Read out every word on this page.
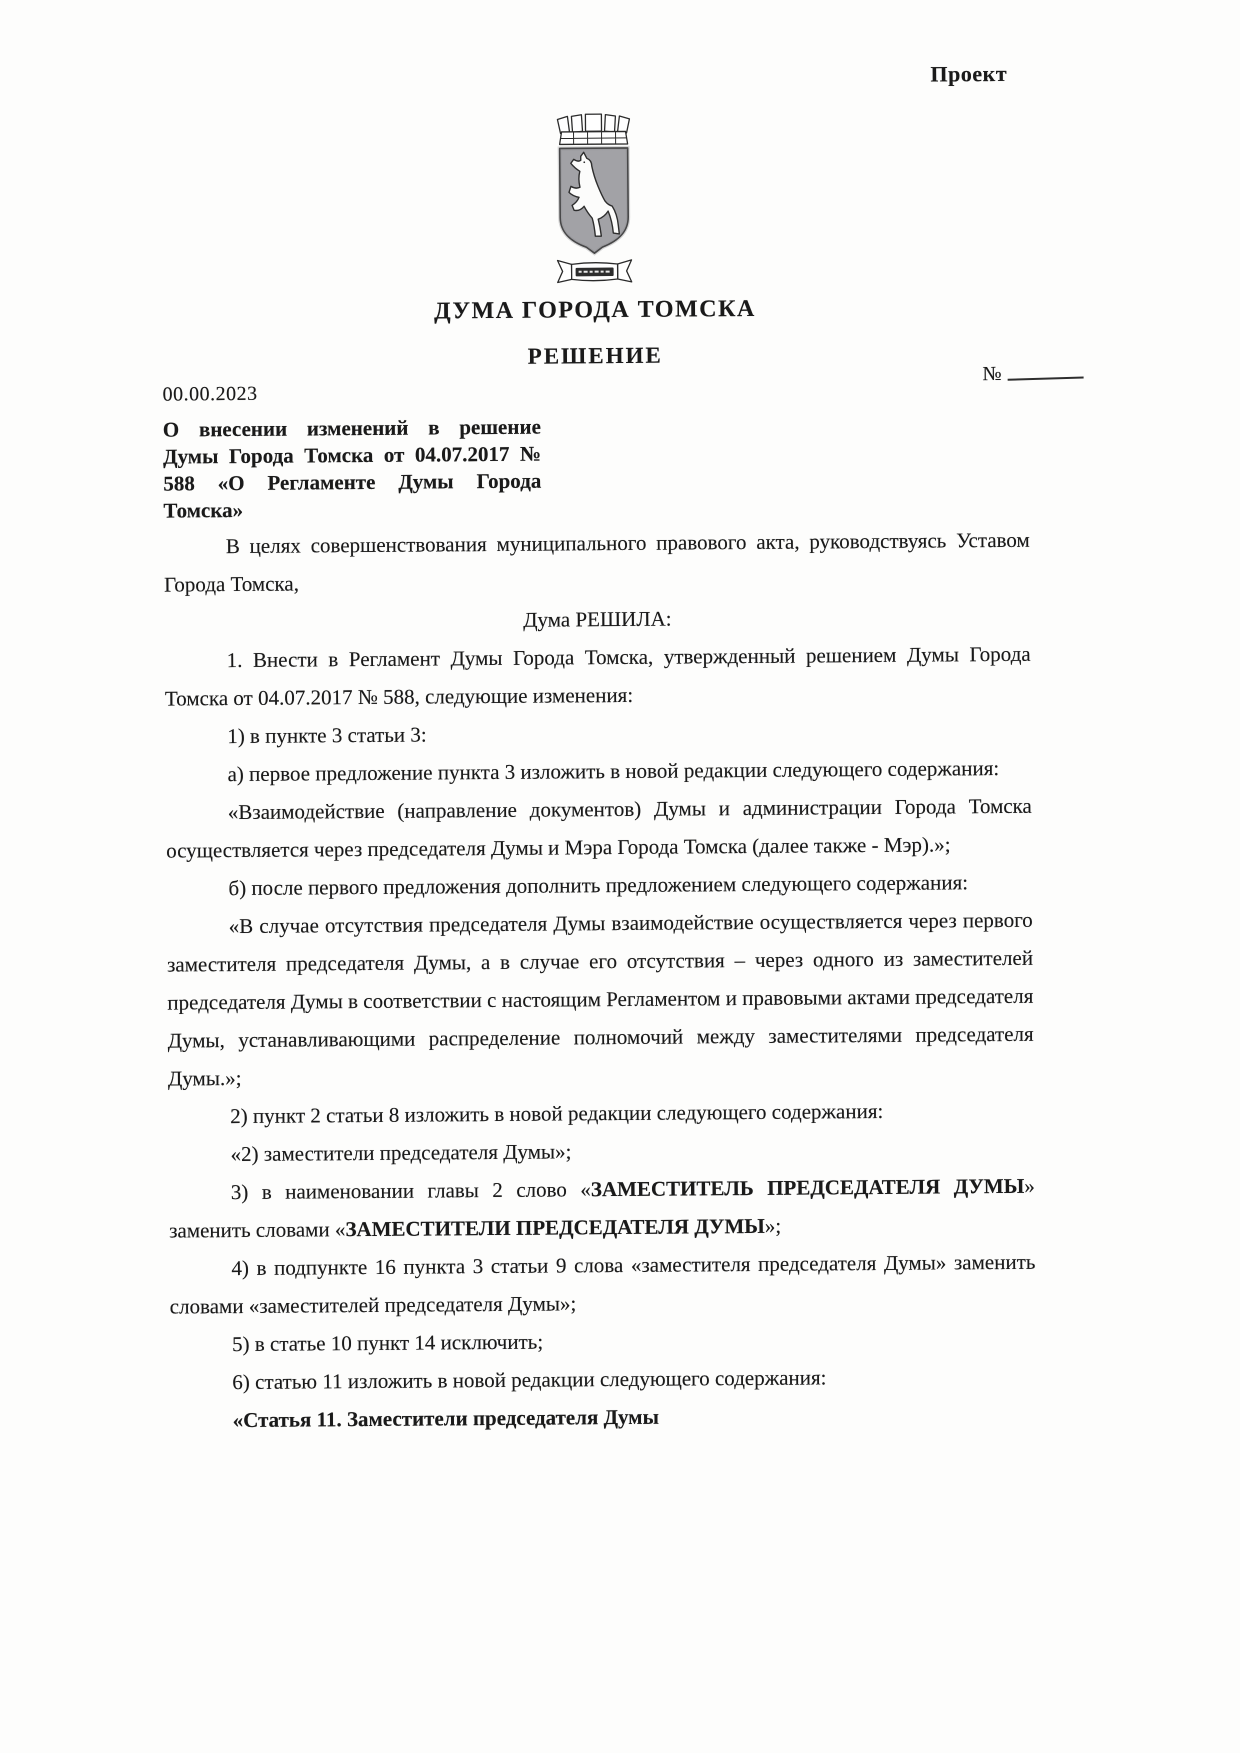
Проект
ДУМА ГОРОДА ТОМСКА
РЕШЕНИЕ
№
00.00.2023
О внесении изменений в решение Думы Города Томска от 04.07.2017 № 588 «О Регламенте Думы Города Томска»

В целях совершенствования муниципального правового акта, руководствуясь Уставом Города Томска,

Дума РЕШИЛА:

1. Внести в Регламент Думы Города Томска, утвержденный решением Думы Города Томска от 04.07.2017 № 588, следующие изменения:

1) в пункте 3 статьи 3:

а) первое предложение пункта 3 изложить в новой редакции следующего содержания:

«Взаимодействие (направление документов) Думы и администрации Города Томска осуществляется через председателя Думы и Мэра Города Томска (далее также - Мэр).»;

б) после первого предложения дополнить предложением следующего содержания:

«В случае отсутствия председателя Думы взаимодействие осуществляется через первого заместителя председателя Думы, а в случае его отсутствия – через одного из заместителей председателя Думы в соответствии с настоящим Регламентом и правовыми актами председателя Думы, устанавливающими распределение полномочий между заместителями председателя Думы.»;

2) пункт 2 статьи 8 изложить в новой редакции следующего содержания:

«2) заместители председателя Думы»;

3) в наименовании главы 2 слово «ЗАМЕСТИТЕЛЬ ПРЕДСЕДАТЕЛЯ ДУМЫ» заменить словами «ЗАМЕСТИТЕЛИ ПРЕДСЕДАТЕЛЯ ДУМЫ»;

4) в подпункте 16 пункта 3 статьи 9 слова «заместителя председателя Думы» заменить словами «заместителей председателя Думы»;

5) в статье 10 пункт 14 исключить;

6) статью 11 изложить в новой редакции следующего содержания:

«Статья 11. Заместители председателя Думы
